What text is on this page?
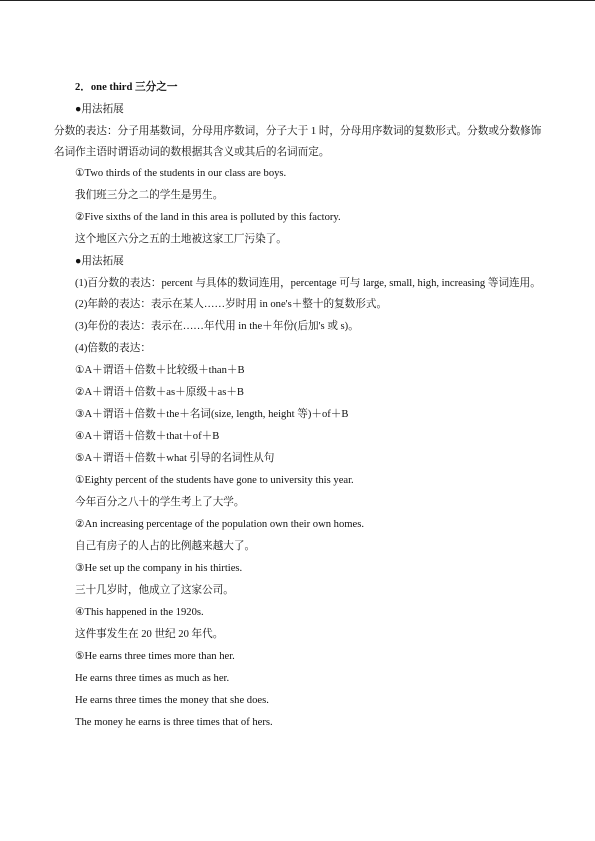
2．one third 三分之一

●用法拓展

分数的表达：分子用基数词，分母用序数词，分子大于 1 时，分母用序数词的复数形式。分数或分数修饰名词作主语时谓语动词的数根据其含义或其后的名词而定。

①Two thirds of the students in our class are boys.

我们班三分之二的学生是男生。

②Five sixths of the land in this area is polluted by this factory.

这个地区六分之五的土地被这家工厂污染了。

●用法拓展

(1)百分数的表达：percent 与具体的数词连用，percentage 可与 large, small, high, increasing 等词连用。

(2)年龄的表达：表示在某人……岁时用 in one's＋整十的复数形式。

(3)年份的表达：表示在……年代用 in the＋年份(后加's 或 s)。

(4)倍数的表达：

①A＋谓语＋倍数＋比较级＋than＋B

②A＋谓语＋倍数＋as＋原级＋as＋B

③A＋谓语＋倍数＋the＋名词(size, length, height 等)＋of＋B

④A＋谓语＋倍数＋that＋of＋B

⑤A＋谓语＋倍数＋what 引导的名词性从句

①Eighty percent of the students have gone to university this year.

今年百分之八十的学生考上了大学。

②An increasing percentage of the population own their own homes.

自己有房子的人占的比例越来越大了。

③He set up the company in his thirties.

三十几岁时，他成立了这家公司。

④This happened in the 1920s.

这件事发生在 20 世纪 20 年代。

⑤He earns three times more than her.

He earns three times as much as her.

He earns three times the money that she does.

The money he earns is three times that of hers.
